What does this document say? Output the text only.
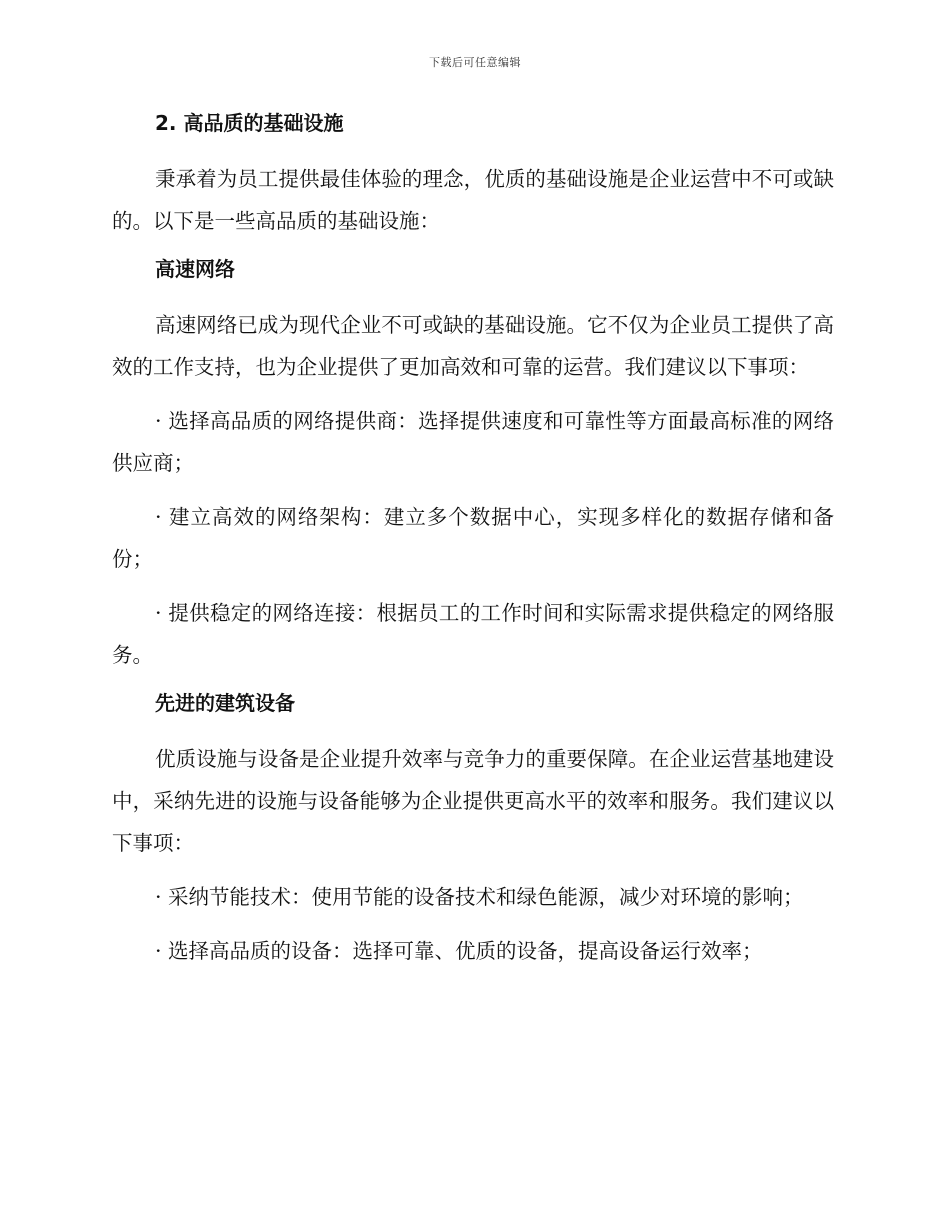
下载后可任意编辑
2. 高品质的基础设施

秉承着为员工提供最佳体验的理念，优质的基础设施是企业运营中不可或缺的。以下是一些高品质的基础设施：

高速网络

高速网络已成为现代企业不可或缺的基础设施。它不仅为企业员工提供了高效的工作支持，也为企业提供了更加高效和可靠的运营。我们建议以下事项：

· 选择高品质的网络提供商：选择提供速度和可靠性等方面最高标准的网络供应商；

· 建立高效的网络架构：建立多个数据中心，实现多样化的数据存储和备份；

· 提供稳定的网络连接：根据员工的工作时间和实际需求提供稳定的网络服务。

先进的建筑设备

优质设施与设备是企业提升效率与竞争力的重要保障。在企业运营基地建设中，采纳先进的设施与设备能够为企业提供更高水平的效率和服务。我们建议以下事项：

· 采纳节能技术：使用节能的设备技术和绿色能源，减少对环境的影响；

· 选择高品质的设备：选择可靠、优质的设备，提高设备运行效率；
